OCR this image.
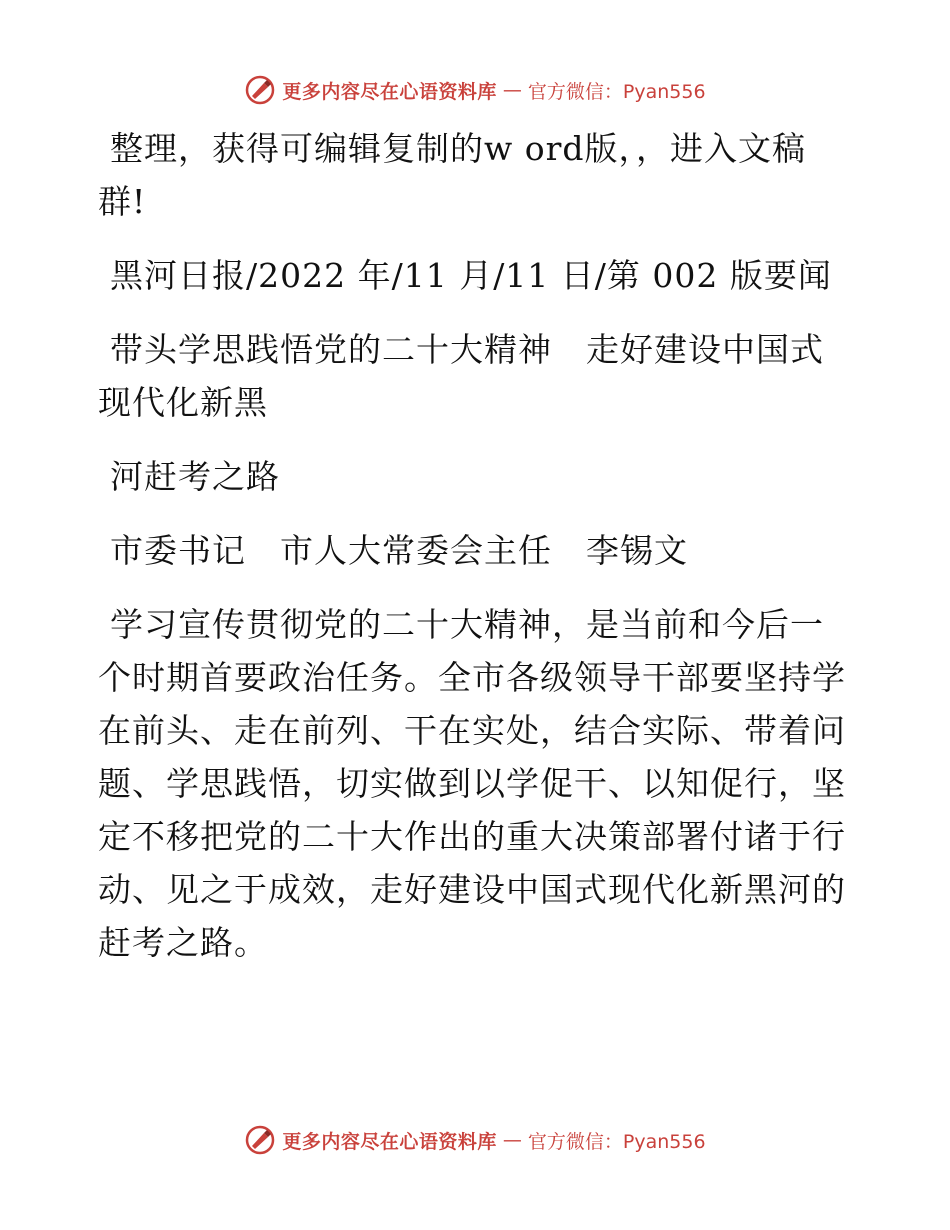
更多内容尽在心语资料库 — 官方微信：Pyan556

整理，获得可编辑复制的w ord版，，进入文稿群!

黑河日报/2022 年/11 月/11 日/第 002 版要闻

带头学思践悟党的二十大精神　走好建设中国式现代化新黑

河赶考之路

市委书记　市人大常委会主任　李锡文

学习宣传贯彻党的二十大精神，是当前和今后一个时期首要政治任务。全市各级领导干部要坚持学在前头、走在前列、干在实处，结合实际、带着问题、学思践悟，切实做到以学促干、以知促行，坚定不移把党的二十大作出的重大决策部署付诸于行动、见之于成效，走好建设中国式现代化新黑河的赶考之路。

更多内容尽在心语资料库 — 官方微信：Pyan556
